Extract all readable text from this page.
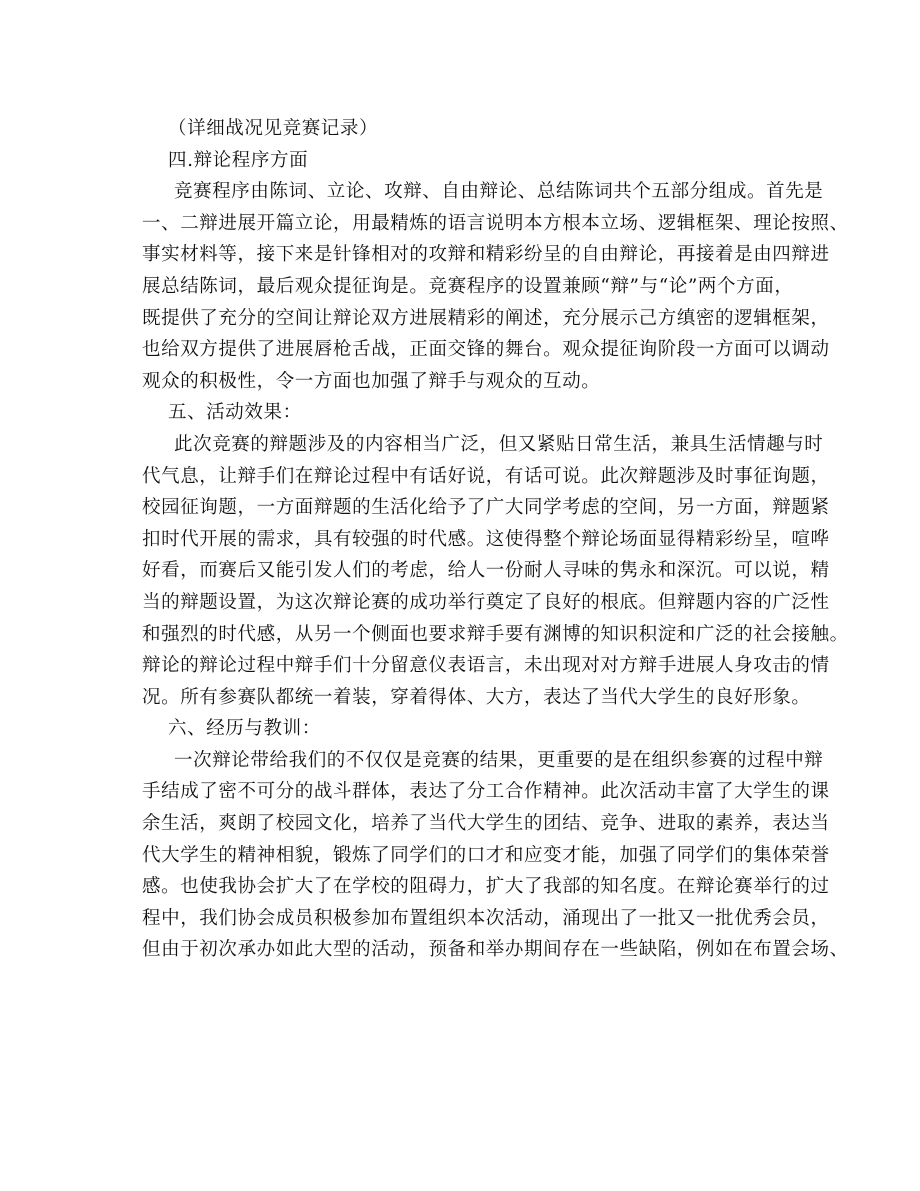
（详细战况见竞赛记录）
四.辩论程序方面
竞赛程序由陈词、立论、攻辩、自由辩论、总结陈词共个五部分组成。首先是
一、二辩进展开篇立论，用最精炼的语言说明本方根本立场、逻辑框架、理论按照、
事实材料等，接下来是针锋相对的攻辩和精彩纷呈的自由辩论，再接着是由四辩进
展总结陈词，最后观众提征询是。竞赛程序的设置兼顾“辩”与“论”两个方面，
既提供了充分的空间让辩论双方进展精彩的阐述，充分展示己方缜密的逻辑框架，
也给双方提供了进展唇枪舌战，正面交锋的舞台。观众提征询阶段一方面可以调动
观众的积极性，令一方面也加强了辩手与观众的互动。
五、活动效果：
此次竞赛的辩题涉及的内容相当广泛，但又紧贴日常生活，兼具生活情趣与时
代气息，让辩手们在辩论过程中有话好说，有话可说。此次辩题涉及时事征询题，
校园征询题，一方面辩题的生活化给予了广大同学考虑的空间，另一方面，辩题紧
扣时代开展的需求，具有较强的时代感。这使得整个辩论场面显得精彩纷呈，喧哗
好看，而赛后又能引发人们的考虑，给人一份耐人寻味的隽永和深沉。可以说，精
当的辩题设置，为这次辩论赛的成功举行奠定了良好的根底。但辩题内容的广泛性
和强烈的时代感，从另一个侧面也要求辩手要有渊博的知识积淀和广泛的社会接触。
辩论的辩论过程中辩手们十分留意仪表语言，未出现对对方辩手进展人身攻击的情
况。所有参赛队都统一着装，穿着得体、大方，表达了当代大学生的良好形象。
六、经历与教训：
一次辩论带给我们的不仅仅是竞赛的结果，更重要的是在组织参赛的过程中辩
手结成了密不可分的战斗群体，表达了分工合作精神。此次活动丰富了大学生的课
余生活，爽朗了校园文化，培养了当代大学生的团结、竞争、进取的素养，表达当
代大学生的精神相貌，锻炼了同学们的口才和应变才能，加强了同学们的集体荣誉
感。也使我协会扩大了在学校的阻碍力，扩大了我部的知名度。在辩论赛举行的过
程中，我们协会成员积极参加布置组织本次活动，涌现出了一批又一批优秀会员，
但由于初次承办如此大型的活动，预备和举办期间存在一些缺陷，例如在布置会场、
